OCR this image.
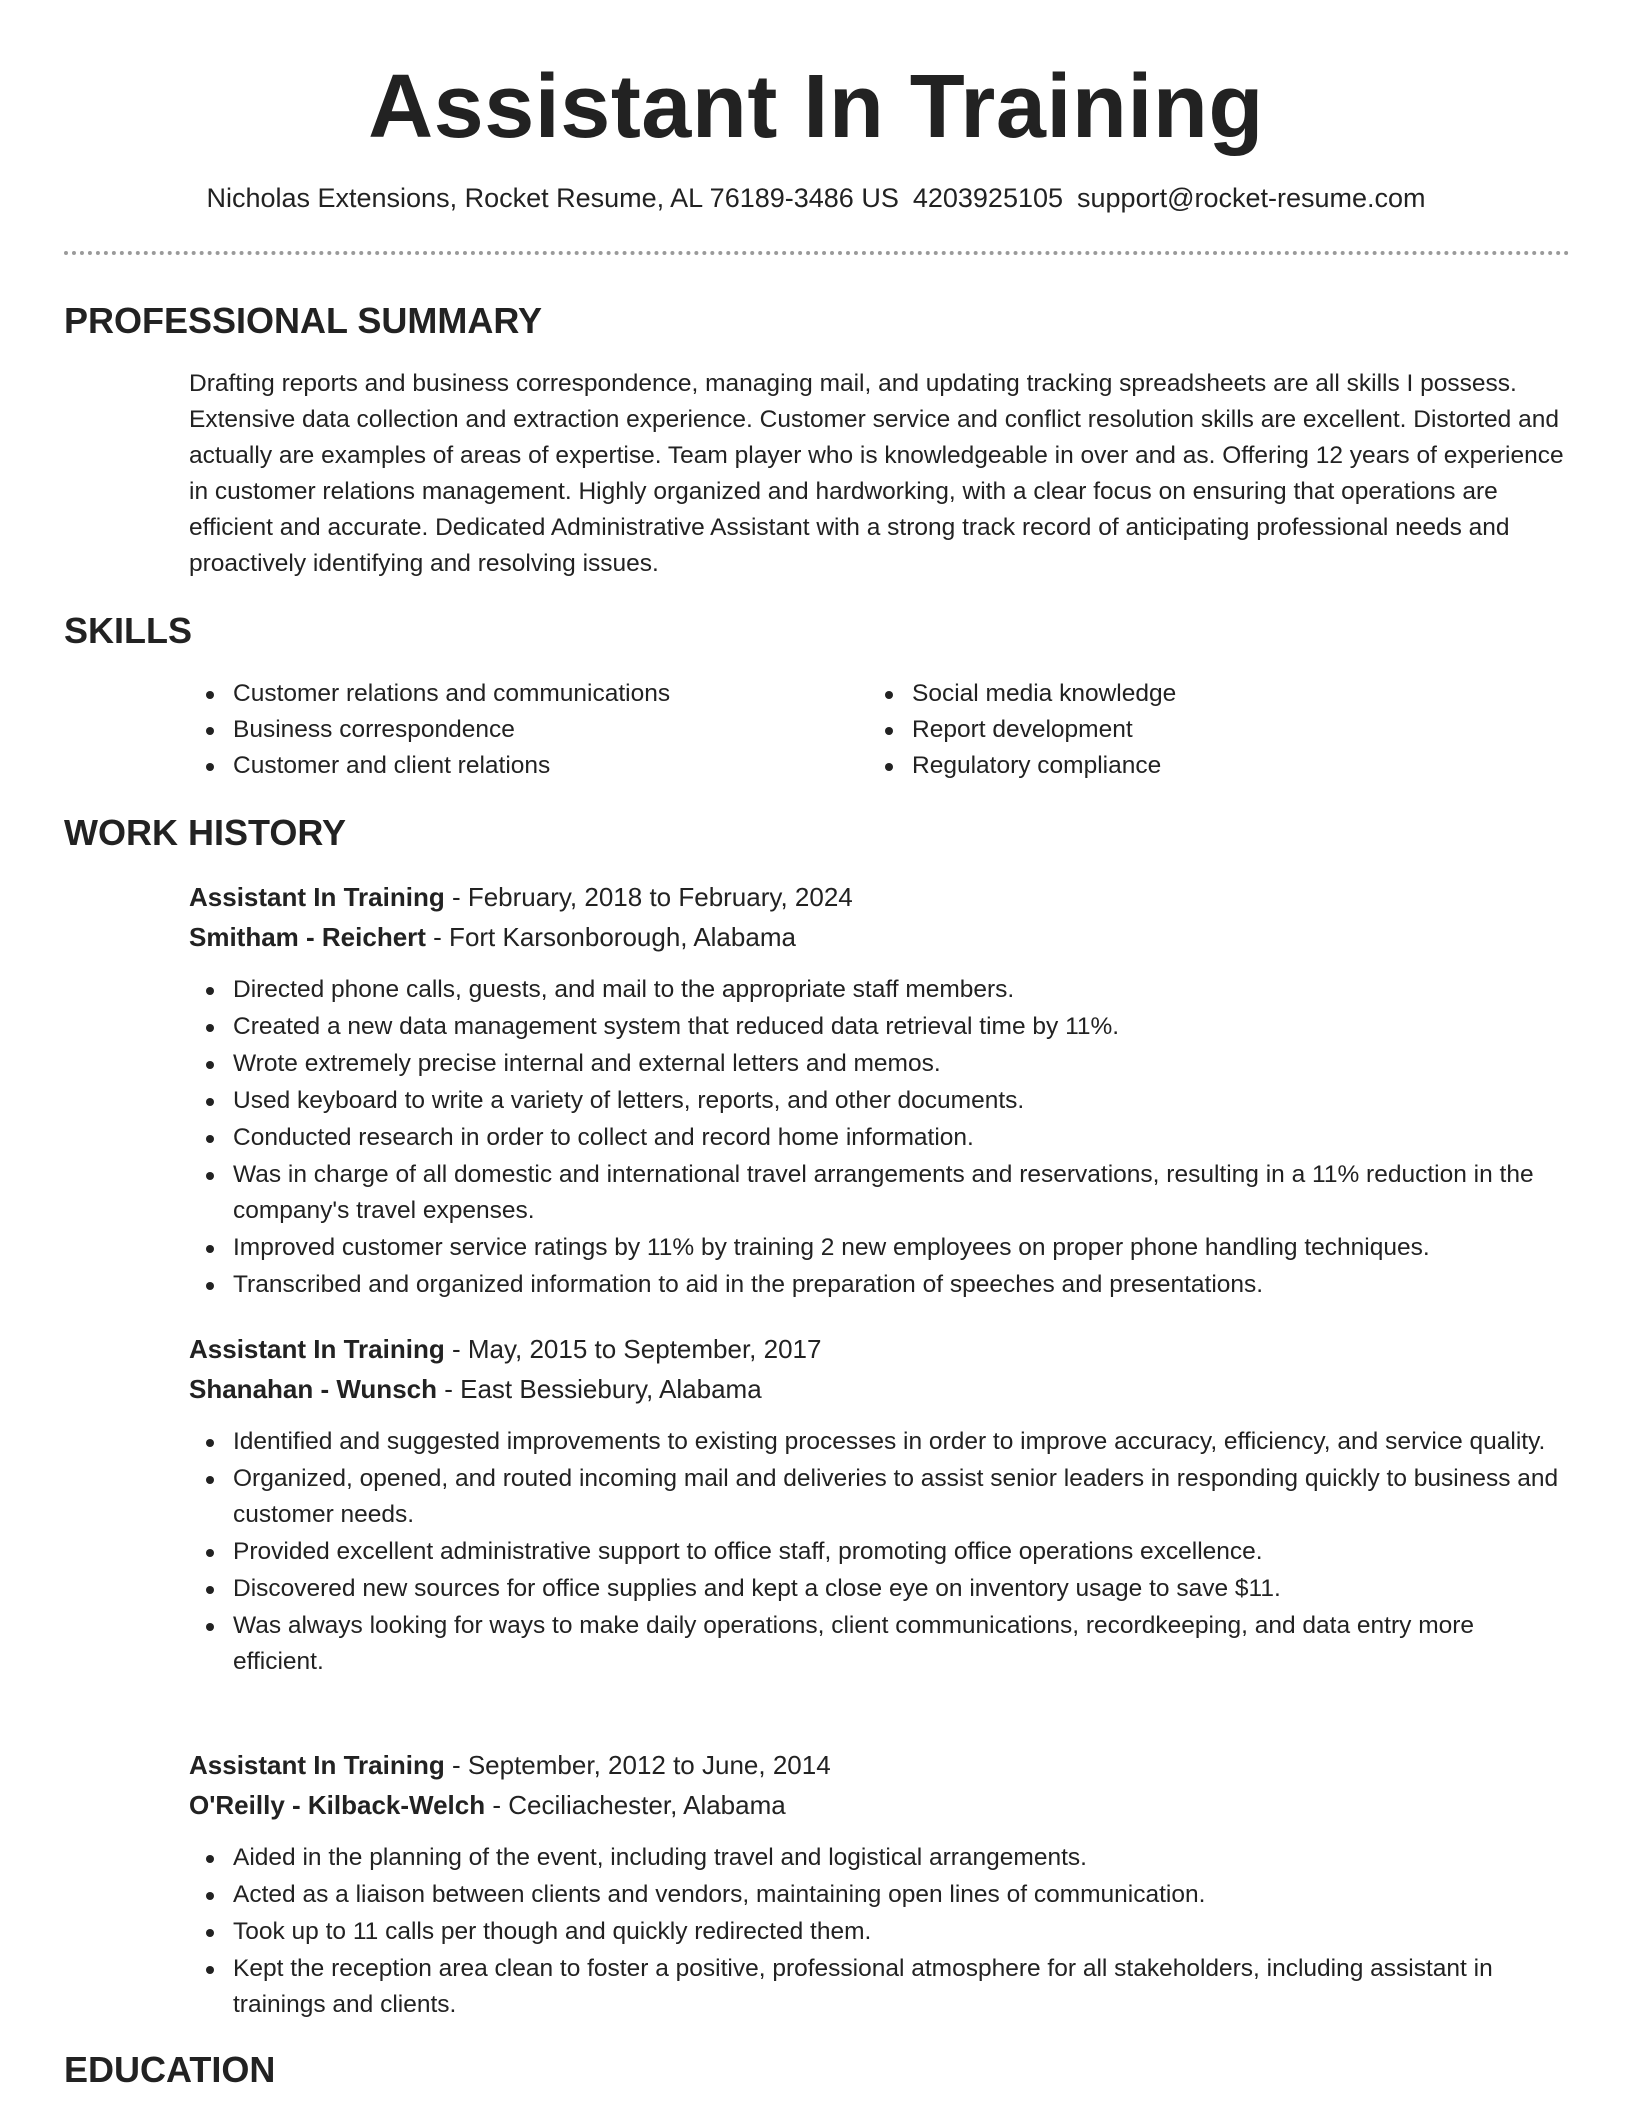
Assistant In Training
Nicholas Extensions, Rocket Resume, AL 76189-3486 US 4203925105 support@rocket-resume.com
PROFESSIONAL SUMMARY

Drafting reports and business correspondence, managing mail, and updating tracking spreadsheets are all skills I possess. Extensive data collection and extraction experience. Customer service and conflict resolution skills are excellent. Distorted and actually are examples of areas of expertise. Team player who is knowledgeable in over and as. Offering 12 years of experience in customer relations management. Highly organized and hardworking, with a clear focus on ensuring that operations are efficient and accurate. Dedicated Administrative Assistant with a strong track record of anticipating professional needs and proactively identifying and resolving issues.

SKILLS
Customer relations and communications
Business correspondence
Customer and client relations
Social media knowledge
Report development
Regulatory compliance
WORK HISTORY
Assistant In Training - February, 2018 to February, 2024
Smitham - Reichert - Fort Karsonborough, Alabama
Directed phone calls, guests, and mail to the appropriate staff members.
Created a new data management system that reduced data retrieval time by 11%.
Wrote extremely precise internal and external letters and memos.
Used keyboard to write a variety of letters, reports, and other documents.
Conducted research in order to collect and record home information.
Was in charge of all domestic and international travel arrangements and reservations, resulting in a 11% reduction in the company's travel expenses.
Improved customer service ratings by 11% by training 2 new employees on proper phone handling techniques.
Transcribed and organized information to aid in the preparation of speeches and presentations.
Assistant In Training - May, 2015 to September, 2017
Shanahan - Wunsch - East Bessiebury, Alabama
Identified and suggested improvements to existing processes in order to improve accuracy, efficiency, and service quality.
Organized, opened, and routed incoming mail and deliveries to assist senior leaders in responding quickly to business and customer needs.
Provided excellent administrative support to office staff, promoting office operations excellence.
Discovered new sources for office supplies and kept a close eye on inventory usage to save $11.
Was always looking for ways to make daily operations, client communications, recordkeeping, and data entry more efficient.
Assistant In Training - September, 2012 to June, 2014
O'Reilly - Kilback-Welch - Ceciliachester, Alabama
Aided in the planning of the event, including travel and logistical arrangements.
Acted as a liaison between clients and vendors, maintaining open lines of communication.
Took up to 11 calls per though and quickly redirected them.
Kept the reception area clean to foster a positive, professional atmosphere for all stakeholders, including assistant in trainings and clients.
EDUCATION
